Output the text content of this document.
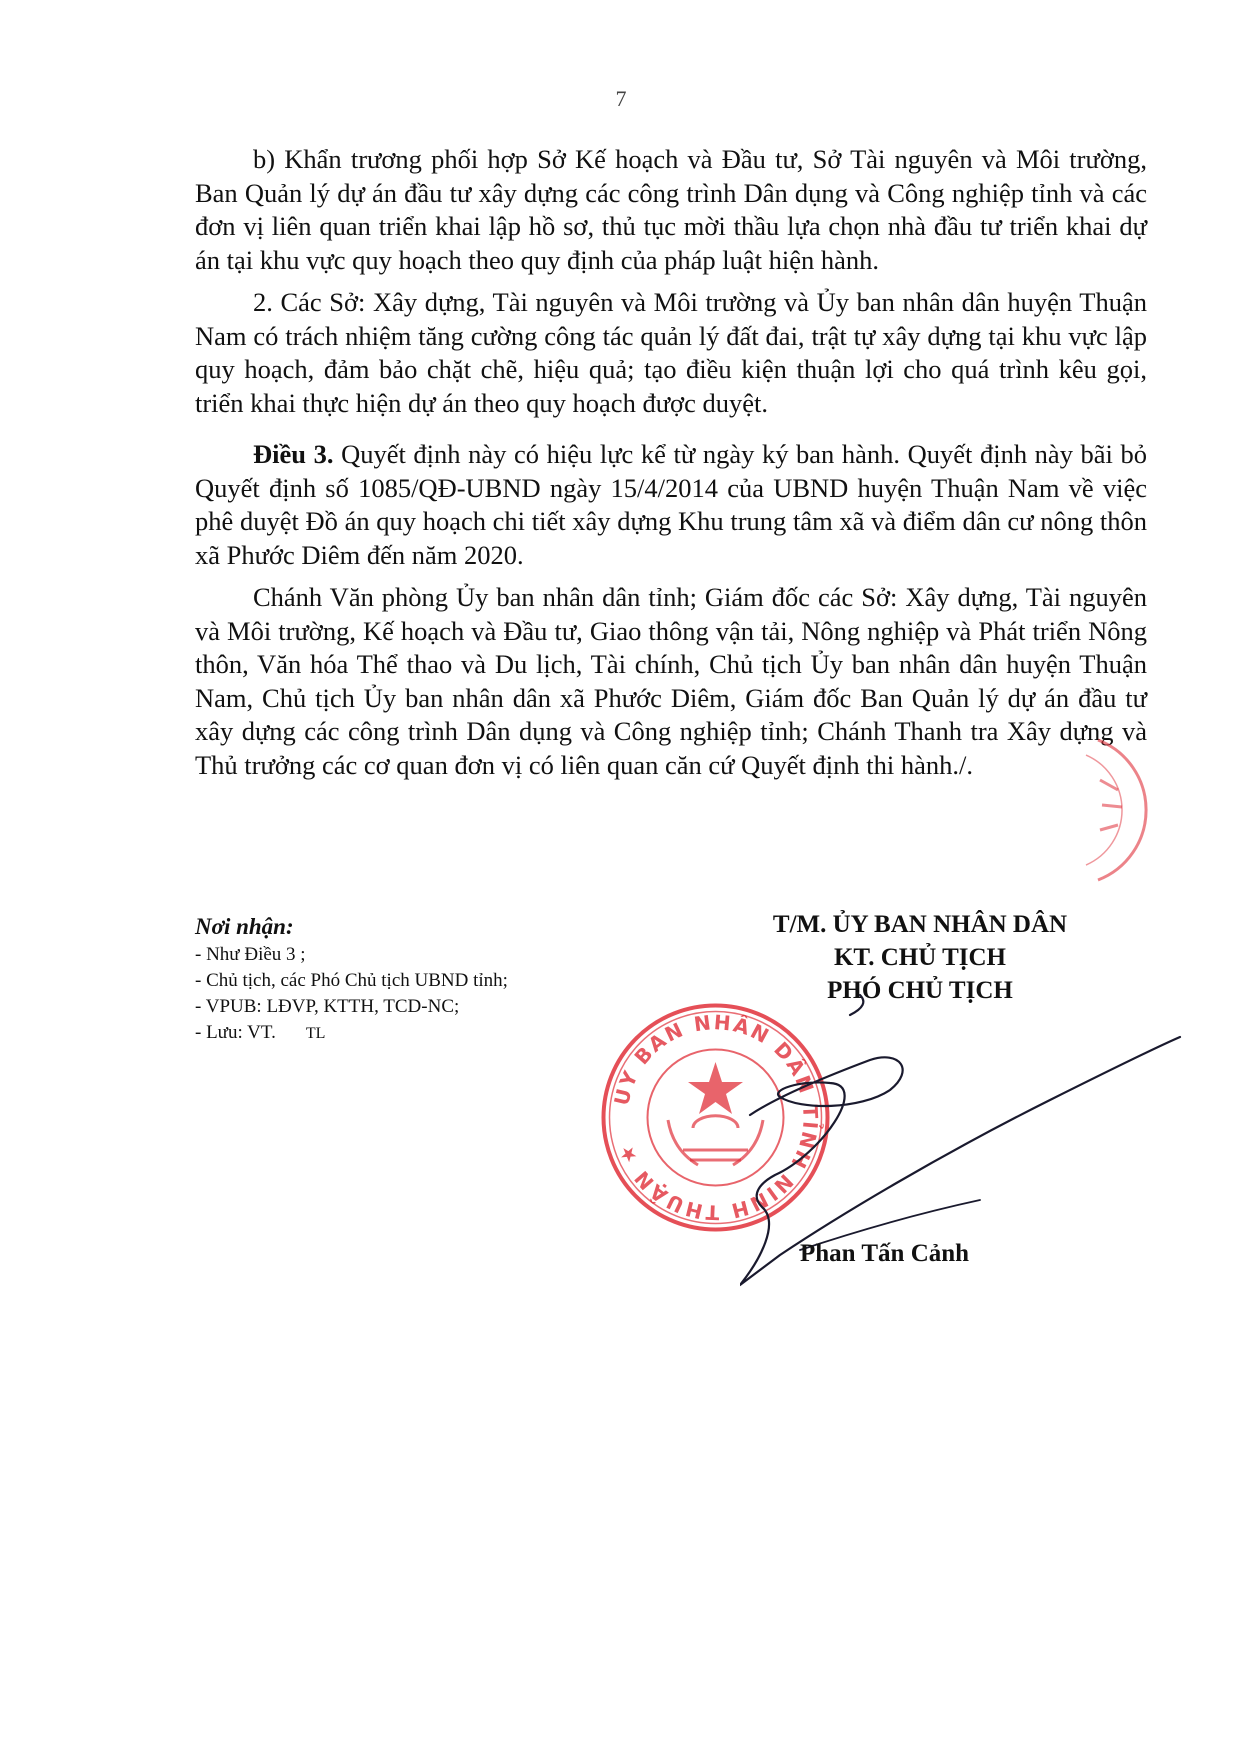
7

b) Khẩn trương phối hợp Sở Kế hoạch và Đầu tư, Sở Tài nguyên và Môi trường, Ban Quản lý dự án đầu tư xây dựng các công trình Dân dụng và Công nghiệp tỉnh và các đơn vị liên quan triển khai lập hồ sơ, thủ tục mời thầu lựa chọn nhà đầu tư triển khai dự án tại khu vực quy hoạch theo quy định của pháp luật hiện hành.

2. Các Sở: Xây dựng, Tài nguyên và Môi trường và Ủy ban nhân dân huyện Thuận Nam có trách nhiệm tăng cường công tác quản lý đất đai, trật tự xây dựng tại khu vực lập quy hoạch, đảm bảo chặt chẽ, hiệu quả; tạo điều kiện thuận lợi cho quá trình kêu gọi, triển khai thực hiện dự án theo quy hoạch được duyệt.

Điều 3. Quyết định này có hiệu lực kể từ ngày ký ban hành. Quyết định này bãi bỏ Quyết định số 1085/QĐ-UBND ngày 15/4/2014 của UBND huyện Thuận Nam về việc phê duyệt Đồ án quy hoạch chi tiết xây dựng Khu trung tâm xã và điểm dân cư nông thôn xã Phước Diêm đến năm 2020.

Chánh Văn phòng Ủy ban nhân dân tỉnh; Giám đốc các Sở: Xây dựng, Tài nguyên và Môi trường, Kế hoạch và Đầu tư, Giao thông vận tải, Nông nghiệp và Phát triển Nông thôn, Văn hóa Thể thao và Du lịch, Tài chính, Chủ tịch Ủy ban nhân dân huyện Thuận Nam, Chủ tịch Ủy ban nhân dân xã Phước Diêm, Giám đốc Ban Quản lý dự án đầu tư xây dựng các công trình Dân dụng và Công nghiệp tỉnh; Chánh Thanh tra Xây dựng và Thủ trưởng các cơ quan đơn vị có liên quan căn cứ Quyết định thi hành./.

Nơi nhận:
- Như Điều 3 ;
- Chủ tịch, các Phó Chủ tịch UBND tỉnh;
- VPUB: LĐVP, KTTH, TCD-NC;
- Lưu: VT. TL
T/M. ỦY BAN NHÂN DÂN
KT. CHỦ TỊCH
PHÓ CHỦ TỊCH
UY BAN NHÂN DÂN TỈNH NINH THUẬN ★
Phan Tấn Cảnh
